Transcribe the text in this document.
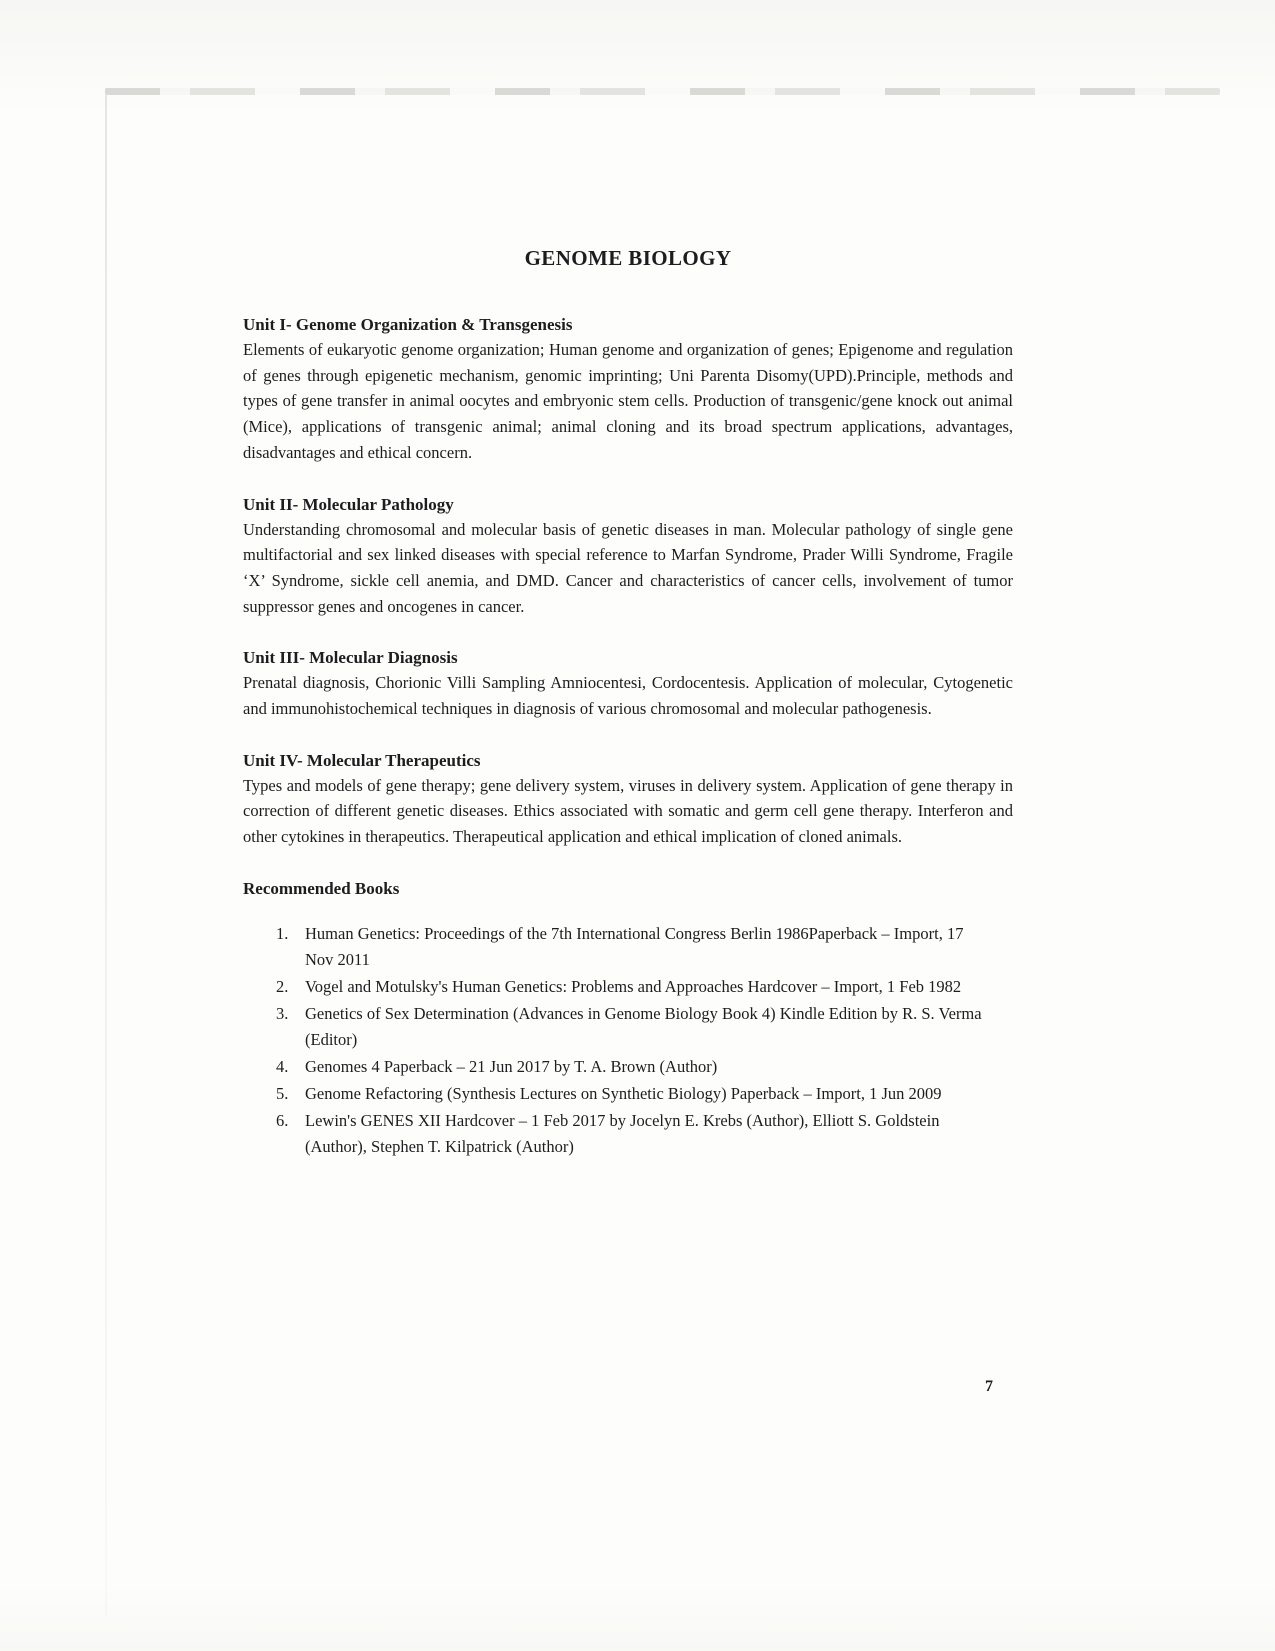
GENOME BIOLOGY
Unit I- Genome Organization & Transgenesis

Elements of eukaryotic genome organization; Human genome and organization of genes; Epigenome and regulation of genes through epigenetic mechanism, genomic imprinting; Uni Parenta Disomy(UPD).Principle, methods and types of gene transfer in animal oocytes and embryonic stem cells. Production of transgenic/gene knock out animal (Mice), applications of transgenic animal; animal cloning and its broad spectrum applications, advantages, disadvantages and ethical concern.

Unit II- Molecular Pathology

Understanding chromosomal and molecular basis of genetic diseases in man. Molecular pathology of single gene multifactorial and sex linked diseases with special reference to Marfan Syndrome, Prader Willi Syndrome, Fragile ‘X’ Syndrome, sickle cell anemia, and DMD. Cancer and characteristics of cancer cells, involvement of tumor suppressor genes and oncogenes in cancer.

Unit III- Molecular Diagnosis

Prenatal diagnosis, Chorionic Villi Sampling Amniocentesi, Cordocentesis. Application of molecular, Cytogenetic and immunohistochemical techniques in diagnosis of various chromosomal and molecular pathogenesis.

Unit IV- Molecular Therapeutics

Types and models of gene therapy; gene delivery system, viruses in delivery system. Application of gene therapy in correction of different genetic diseases. Ethics associated with somatic and germ cell gene therapy. Interferon and other cytokines in therapeutics. Therapeutical application and ethical implication of cloned animals.

Recommended Books
1.	Human Genetics: Proceedings of the 7th International Congress Berlin 1986Paperback – Import, 17 Nov 2011
2.	Vogel and Motulsky's Human Genetics: Problems and Approaches Hardcover – Import, 1 Feb 1982
3.	Genetics of Sex Determination (Advances in Genome Biology Book 4) Kindle Edition by R. S. Verma (Editor)
4.	Genomes 4 Paperback – 21 Jun 2017 by T. A. Brown (Author)
5.	Genome Refactoring (Synthesis Lectures on Synthetic Biology) Paperback – Import, 1 Jun 2009
6.	Lewin's GENES XII Hardcover – 1 Feb 2017 by Jocelyn E. Krebs (Author), Elliott S. Goldstein (Author), Stephen T. Kilpatrick (Author)
7
